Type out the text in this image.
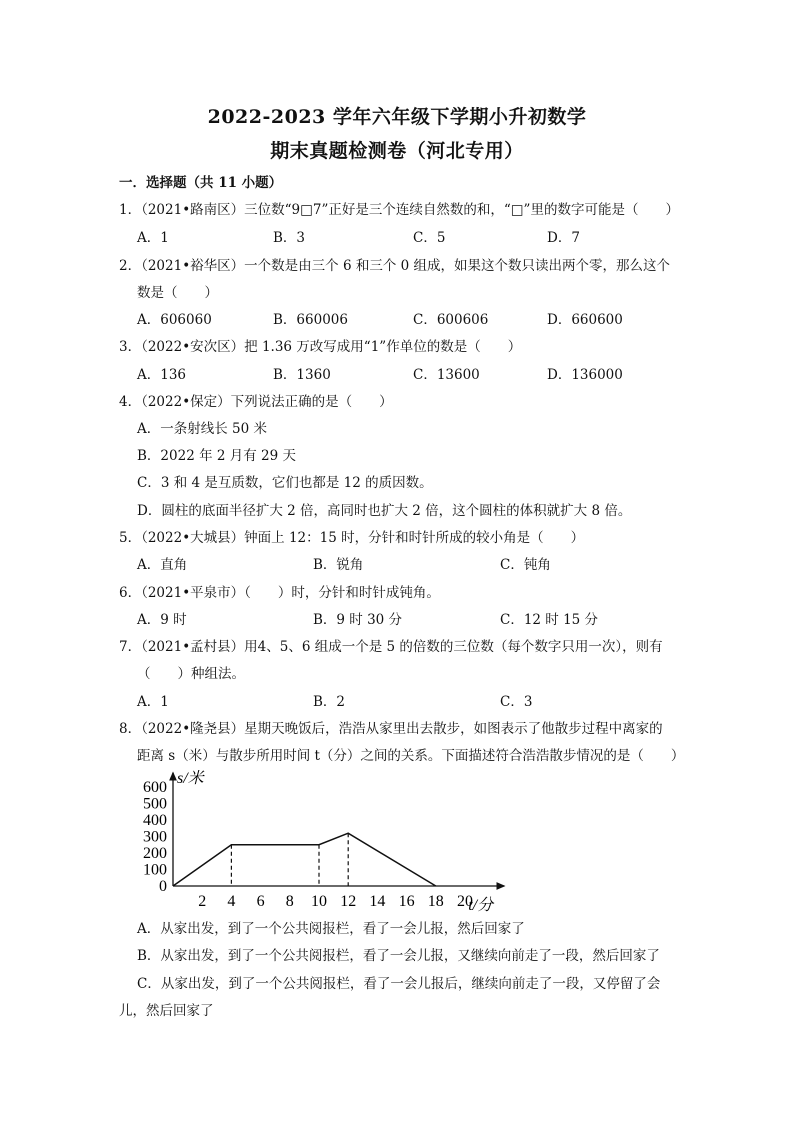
2022-2023 学年六年级下学期小升初数学
期末真题检测卷（河北专用）
一．选择题（共 11 小题）
1．（2021•路南区）三位数“9□7”正好是三个连续自然数的和，“□”里的数字可能是（　　）
A．1	B．3	C．5	D．7
2．（2021•裕华区）一个数是由三个 6 和三个 0 组成，如果这个数只读出两个零，那么这个
数是（　　）
A．606060	B．660006	C．600606	D．660600
3．（2022•安次区）把 1.36 万改写成用“1”作单位的数是（　　）
A．136	B．1360	C．13600	D．136000
4．（2022•保定）下列说法正确的是（　　）
A．一条射线长 50 米
B．2022 年 2 月有 29 天
C．3 和 4 是互质数，它们也都是 12 的质因数。
D．圆柱的底面半径扩大 2 倍，高同时也扩大 2 倍，这个圆柱的体积就扩大 8 倍。
5．（2022•大城县）钟面上 12：15 时，分针和时针所成的较小角是（　　）
A．直角	B．锐角	C．钝角
6．（2021•平泉市）（　　）时，分针和时针成钝角。
A．9 时	B．9 时 30 分	C．12 时 15 分
7．（2021•孟村县）用4、5、6 组成一个是 5 的倍数的三位数（每个数字只用一次），则有
（　　）种组法。
A．1	B．2	C．3
8．（2022•隆尧县）星期天晚饭后，浩浩从家里出去散步，如图表示了他散步过程中离家的
距离 s（米）与散步所用时间 t（分）之间的关系。下面描述符合浩浩散步情况的是（　　）
0
100
200
300
400
500
600
2 4 6 8 10 12 14 16 18 20
s/米
t/分
A．从家出发，到了一个公共阅报栏，看了一会儿报，然后回家了
B．从家出发，到了一个公共阅报栏，看了一会儿报，又继续向前走了一段，然后回家了
C．从家出发，到了一个公共阅报栏，看了一会儿报后，继续向前走了一段，又停留了会
儿，然后回家了
